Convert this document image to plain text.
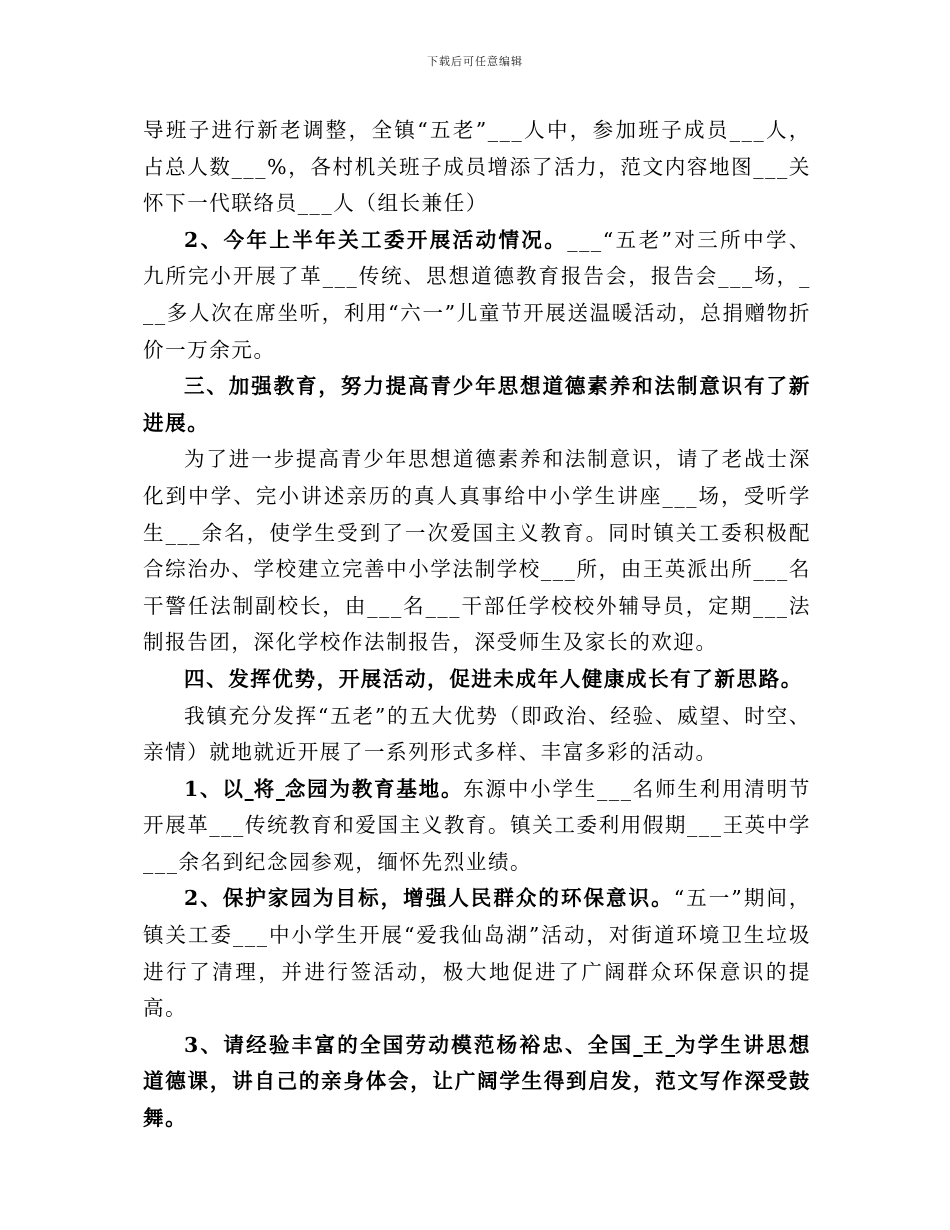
下载后可任意编辑

导班子进行新老调整，全镇“五老”___人中，参加班子成员___人，占总人数___%，各村机关班子成员增添了活力，范文内容地图___关怀下一代联络员___人（组长兼任）

2、今年上半年关工委开展活动情况。___“五老”对三所中学、九所完小开展了革___传统、思想道德教育报告会，报告会___场，___多人次在席坐听，利用“六一”儿童节开展送温暖活动，总捐赠物折价一万余元。

三、加强教育，努力提高青少年思想道德素养和法制意识有了新进展。

为了进一步提高青少年思想道德素养和法制意识，请了老战士深化到中学、完小讲述亲历的真人真事给中小学生讲座___场，受听学生___余名，使学生受到了一次爱国主义教育。同时镇关工委积极配合综治办、学校建立完善中小学法制学校___所，由王英派出所___名干警任法制副校长，由___名___干部任学校校外辅导员，定期___法制报告团，深化学校作法制报告，深受师生及家长的欢迎。

四、发挥优势，开展活动，促进未成年人健康成长有了新思路。

我镇充分发挥“五老”的五大优势（即政治、经验、威望、时空、亲情）就地就近开展了一系列形式多样、丰富多彩的活动。

1、以 将 念园为教育基地。东源中小学生___名师生利用清明节开展革___传统教育和爱国主义教育。镇关工委利用假期___王英中学___余名到纪念园参观，缅怀先烈业绩。

2、保护家园为目标，增强人民群众的环保意识。“五一”期间，镇关工委___中小学生开展“爱我仙岛湖”活动，对街道环境卫生垃圾进行了清理，并进行签活动，极大地促进了广阔群众环保意识的提高。

3、请经验丰富的全国劳动模范杨裕忠、全国 王 为学生讲思想道德课，讲自己的亲身体会，让广阔学生得到启发，范文写作深受鼓舞。
